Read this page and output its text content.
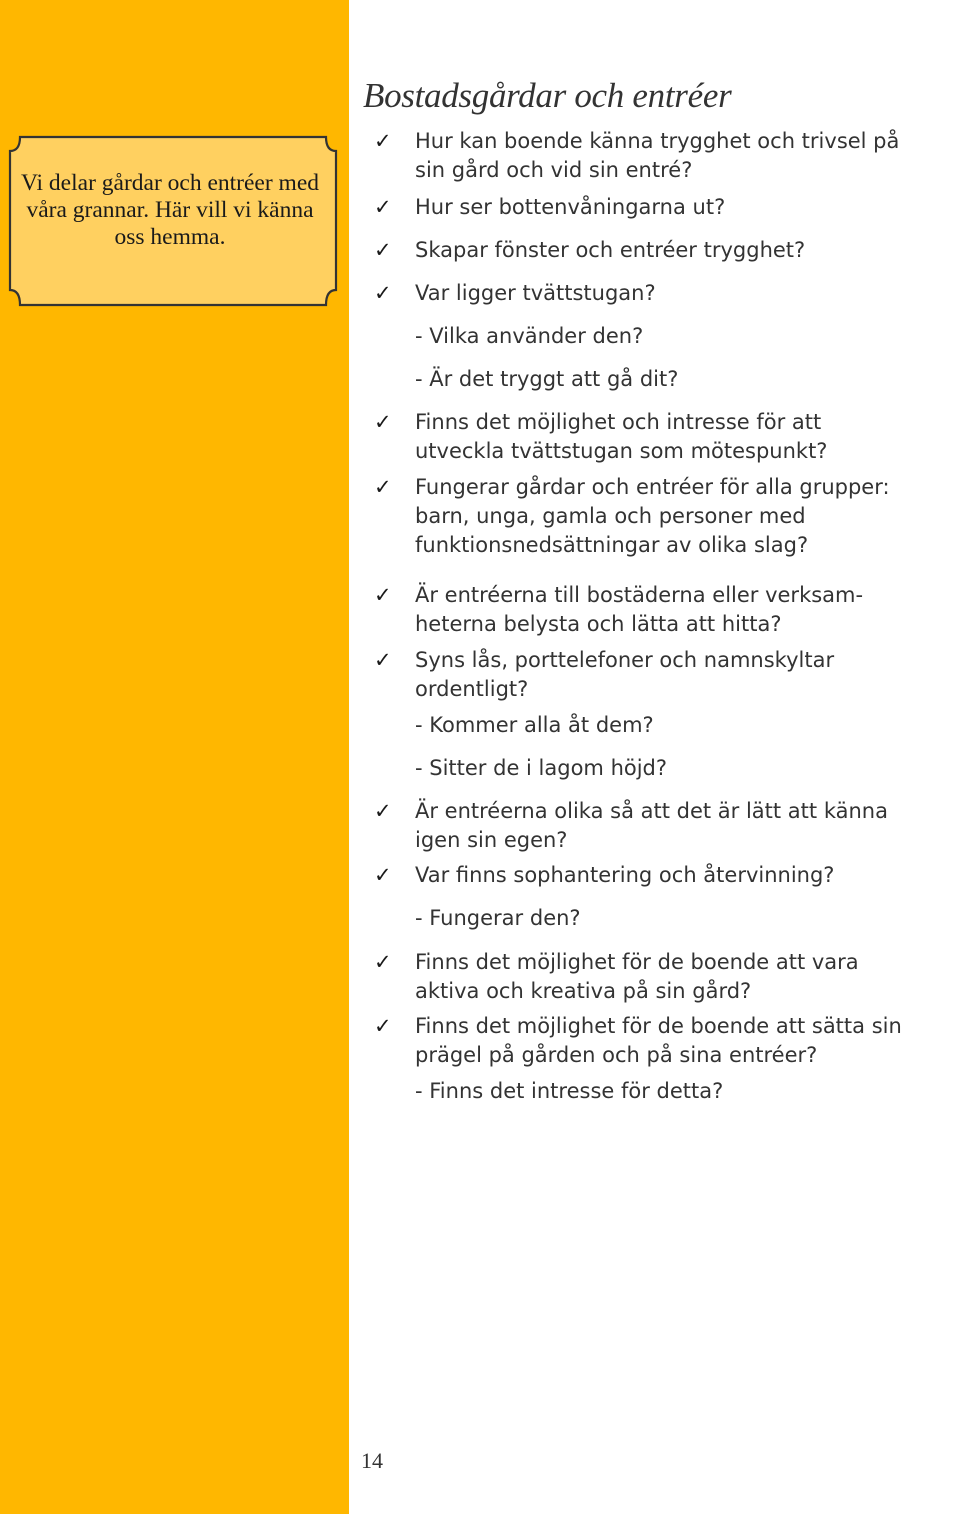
Vi delar gårdar och entréer med våra grannar. Här vill vi känna oss hemma.
Bostadsgårdar och entréer
✓ Hur kan boende känna trygghet och trivsel på
sin gård och vid sin entré?
✓ Hur ser bottenvåningarna ut?
✓ Skapar fönster och entréer trygghet?
✓ Var ligger tvättstugan?
- Vilka använder den?
- Är det tryggt att gå dit?
✓ Finns det möjlighet och intresse för att
utveckla tvättstugan som mötespunkt?
✓ Fungerar gårdar och entréer för alla grupper:
barn, unga, gamla och personer med
funktionsnedsättningar av olika slag?
✓ Är entréerna till bostäderna eller verksam-
heterna belysta och lätta att hitta?
✓ Syns lås, porttelefoner och namnskyltar
ordentligt?
- Kommer alla åt dem?
- Sitter de i lagom höjd?
✓ Är entréerna olika så att det är lätt att känna
igen sin egen?
✓ Var finns sophantering och återvinning?
- Fungerar den?
✓ Finns det möjlighet för de boende att vara
aktiva och kreativa på sin gård?
✓ Finns det möjlighet för de boende att sätta sin
prägel på gården och på sina entréer?
- Finns det intresse för detta?
14
